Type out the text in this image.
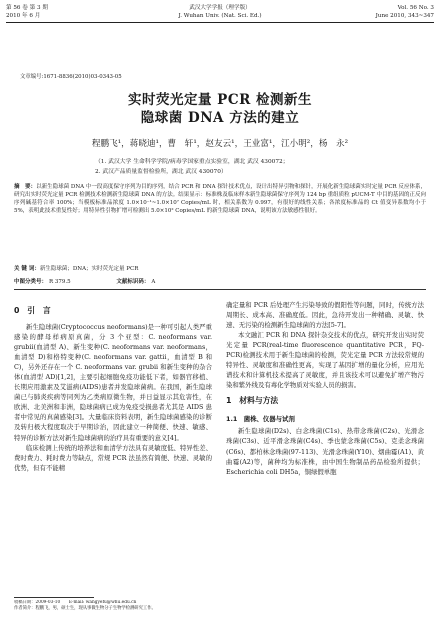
第 56 卷 第 3 期
2010 年 6 月
武汉大学学报（理学版）
J. Wuhan Univ. (Nat. Sci. Ed.)
Vol. 56 No. 3
June 2010, 343~347
文章编号:1671-8836(2010)03-0343-05
实时荧光定量 PCR 检测新生
隐球菌 DNA 方法的建立
程鹏飞¹，蒋晓迪¹，曹　轩¹，赵友云¹，王业富¹，江小明²，杨　永²
（1. 武汉大学 生命科学学院/病毒学国家重点实验室，湖北 武汉 430072；
2. 武汉产品质量监督检验所，湖北 武汉 430070）
摘　要：以新生隐球菌 DNA 中一段高度保守序列为目的序列，结合 PCR 和 DNA 探针技术优点，设计出特异引物和探针，开展化新生隐球菌实时定量 PCR 反应体系，研究出实时荧光定量 PCR 检测技术检测新生隐球菌 DNA 的方法。结果显示：标准株及临床样本新生隐球菌保守序列为 124 bp 重组质粒 pUCM-T 中目的基因的正反向序列碱基符合率 100%；当模板标准品浓度 1.0×10⁻¹~1.0×10⁷ Copies/mL 时，相关系数为 0.997，有很好的线性关系；各浓度标准品的 Ct 值变异系数均小于 5%，表明此技术重复性好；用特异性引物扩增可检测出 5.0×10² Copies/mL 的新生隐球菌 DNA，说明该方法敏感性很好。
关 键 词：新生隐球菌；DNA；实时荧光定量 PCR
中图分类号： R 379.5	文献标识码： A

0　引　言

新生隐球菌(Cryptococcus neoformans)是一种可引起人类严重感染的酵母样病原真菌，分 3 个亚型：C. neoformans var. grubii(血清型 A)、新生变种(C. neoformans var. neoformans，血清型 D)和格特变种(C. neoformans var. gattii，血清型 B 和 C)，另外还存在一个 C. neoformans var. grubii 和新生变种的杂合体(血清型 AD)[1,2]，主要引起细胞免疫功能低下者，如器官移植、长期应用激素及艾滋病(AIDS)患者并发隐球菌病。在我国，新生隐球菌已与肺炎疾病等同列为乙类病原微生物，并日益显示其危害性，在欧洲、北美洲和非洲，隐球菌病已成为免疫受损患者尤其是 AIDS 患者中常见的真菌感染[3]。大量临床资料表明，新生隐球菌感染的诊断及转归极大程度取决于早期诊治，因此建立一种简便、快速、敏感、特异的诊断方法对新生隐球菌病的治疗具有重要的意义[4]。

临床检测上传统的培养法和血清学方法具有灵敏度低、特异性差、费时费力、耗时费力等缺点，常规 PCR 法虽然有简便、快速、灵敏的优势，但有不能精

确定量和 PCR 后处理产生污染导致的假阳性等问题，同时，传统方法周期长、成本高、准确度低。因此，急待开发出一种精确、灵敏、快速、无污染的检测新生隐球菌的方法[5-7]。

本文融汇 PCR 和 DNA 探针杂交技术的优点，研究开发出实时荧光定量 PCR(real-time fluorescence quantitative PCR，FQ-PCR)检测技术用于新生隐球菌的检测，荧光定量 PCR 方法较常规的特异性、灵敏度和准确性更高，实现了基因扩增的量化分析，应用光谱技术和计算机技术提高了灵敏度，并且该技术可以避免扩增产物污染和紫外线及有毒化学物质对实验人员的损害。

1　材料与方法

1.1　菌株、仪器与试剂

新生隐球菌(D2s)、白念珠菌(C1s)、热带念珠菌(C2s)、光滑念珠菌(C3s)、近平滑念珠菌(C4s)、季也蒙念珠菌(C5s)、克柔念珠菌(C6s)、都柏林念珠菌(97-113)、光滑念珠菌(Y10)、烟曲霉(A1)、黄曲霉(A2)等，菌种均为标准株，由中国生物制品药品检验所提供；Escherichia coli DH5a，铜绿假单胞

收稿日期：2009-03-10　　E-mail: wangyefu@whu.edu.cn
作者简介：程鹏飞，男，硕士生，现从事微生物分子生物学检测研究工作。
